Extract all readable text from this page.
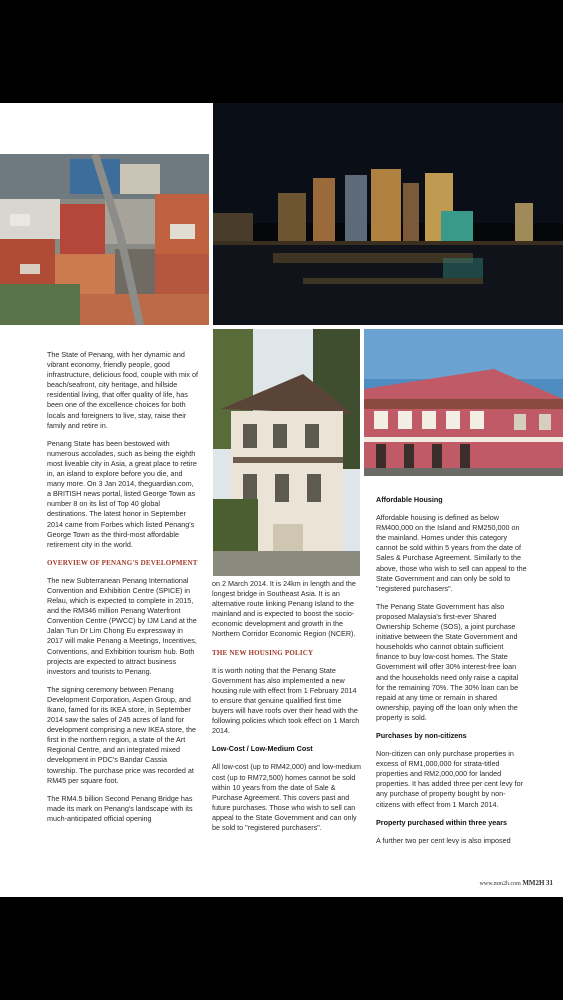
The State of Penang, with her dynamic and vibrant economy, friendly people, good infrastructure, delicious food, couple with mix of beach/seafront, city heritage, and hillside residential living, that offer quality of life, has been one of the excellence choices for both locals and foreigners to live, stay, raise their family and retire in.

Penang State has been bestowed with numerous accolades, such as being the eighth most liveable city in Asia, a great place to retire in, an island to explore before you die, and many more. On 3 Jan 2014, theguardian.com, a BRITISH news portal, listed George Town as number 8 on its list of Top 40 global destinations. The latest honor in September 2014 came from Forbes which listed Penang's George Town as the third-most affordable retirement city in the world.

OVERVIEW OF PENANG'S DEVELOPMENT

The new Subterranean Penang International Convention and Exhibition Centre (SPICE) in Relau, which is expected to complete in 2015, and the RM346 million Penang Waterfront Convention Centre (PWCC) by IJM Land at the Jalan Tun Dr Lim Chong Eu expressway in 2017 will make Penang a Meetings, Incentives, Conventions, and Exhibition tourism hub. Both projects are expected to attract business investors and tourists to Penang.

The signing ceremony between Penang Development Corporation, Aspen Group, and Ikano, famed for its IKEA store, in September 2014 saw the sales of 245 acres of land for development comprising a new IKEA store, the first in the northern region, a state of the Art Regional Centre, and an integrated mixed development in PDC's Bandar Cassia township. The purchase price was recorded at RM45 per square foot.

The RM4.5 billion Second Penang Bridge has made its mark on Penang's landscape with its much-anticipated official opening

on 2 March 2014. It is 24km in length and the longest bridge in Southeast Asia. It is an alternative route linking Penang Island to the mainland and is expected to boost the socio-economic development and growth in the Northern Corridor Economic Region (NCER).

THE NEW HOUSING POLICY

It is worth noting that the Penang State Government has also implemented a new housing rule with effect from 1 February 2014 to ensure that genuine qualified first time buyers will have roofs over their head with the following policies which took effect on 1 March 2014.

Low-Cost / Low-Medium Cost

All low-cost (up to RM42,000) and low-medium cost (up to RM72,500) homes cannot be sold within 10 years from the date of Sale & Purchase Agreement. This covers past and future purchases. Those who wish to sell can appeal to the State Government and can only be sold to "registered purchasers".

Affordable Housing

Affordable housing is defined as below RM400,000 on the Island and RM250,000 on the mainland. Homes under this category cannot be sold within 5 years from the date of Sales & Purchase Agreement. Similarly to the above, those who wish to sell can appeal to the State Government and can only be sold to "registered purchasers".

The Penang State Government has also proposed Malaysia's first-ever Shared Ownership Scheme (SOS), a joint purchase initiative between the State Government and households who cannot obtain sufficient finance to buy low-cost homes. The State Government will offer 30% interest-free loan and the households need only raise a capital for the remaining 70%. The 30% loan can be repaid at any time or remain in shared ownership, paying off the loan only when the property is sold.

Purchases by non-citizens

Non-citizen can only purchase properties in excess of RM1,000,000 for strata-titled properties and RM2,000,000 for landed properties. It has added three per cent levy for any purchase of property bought by non-citizens with effect from 1 March 2014.

Property purchased within three years

A further two per cent levy is also imposed

www.mm2h.com MM2H 31
